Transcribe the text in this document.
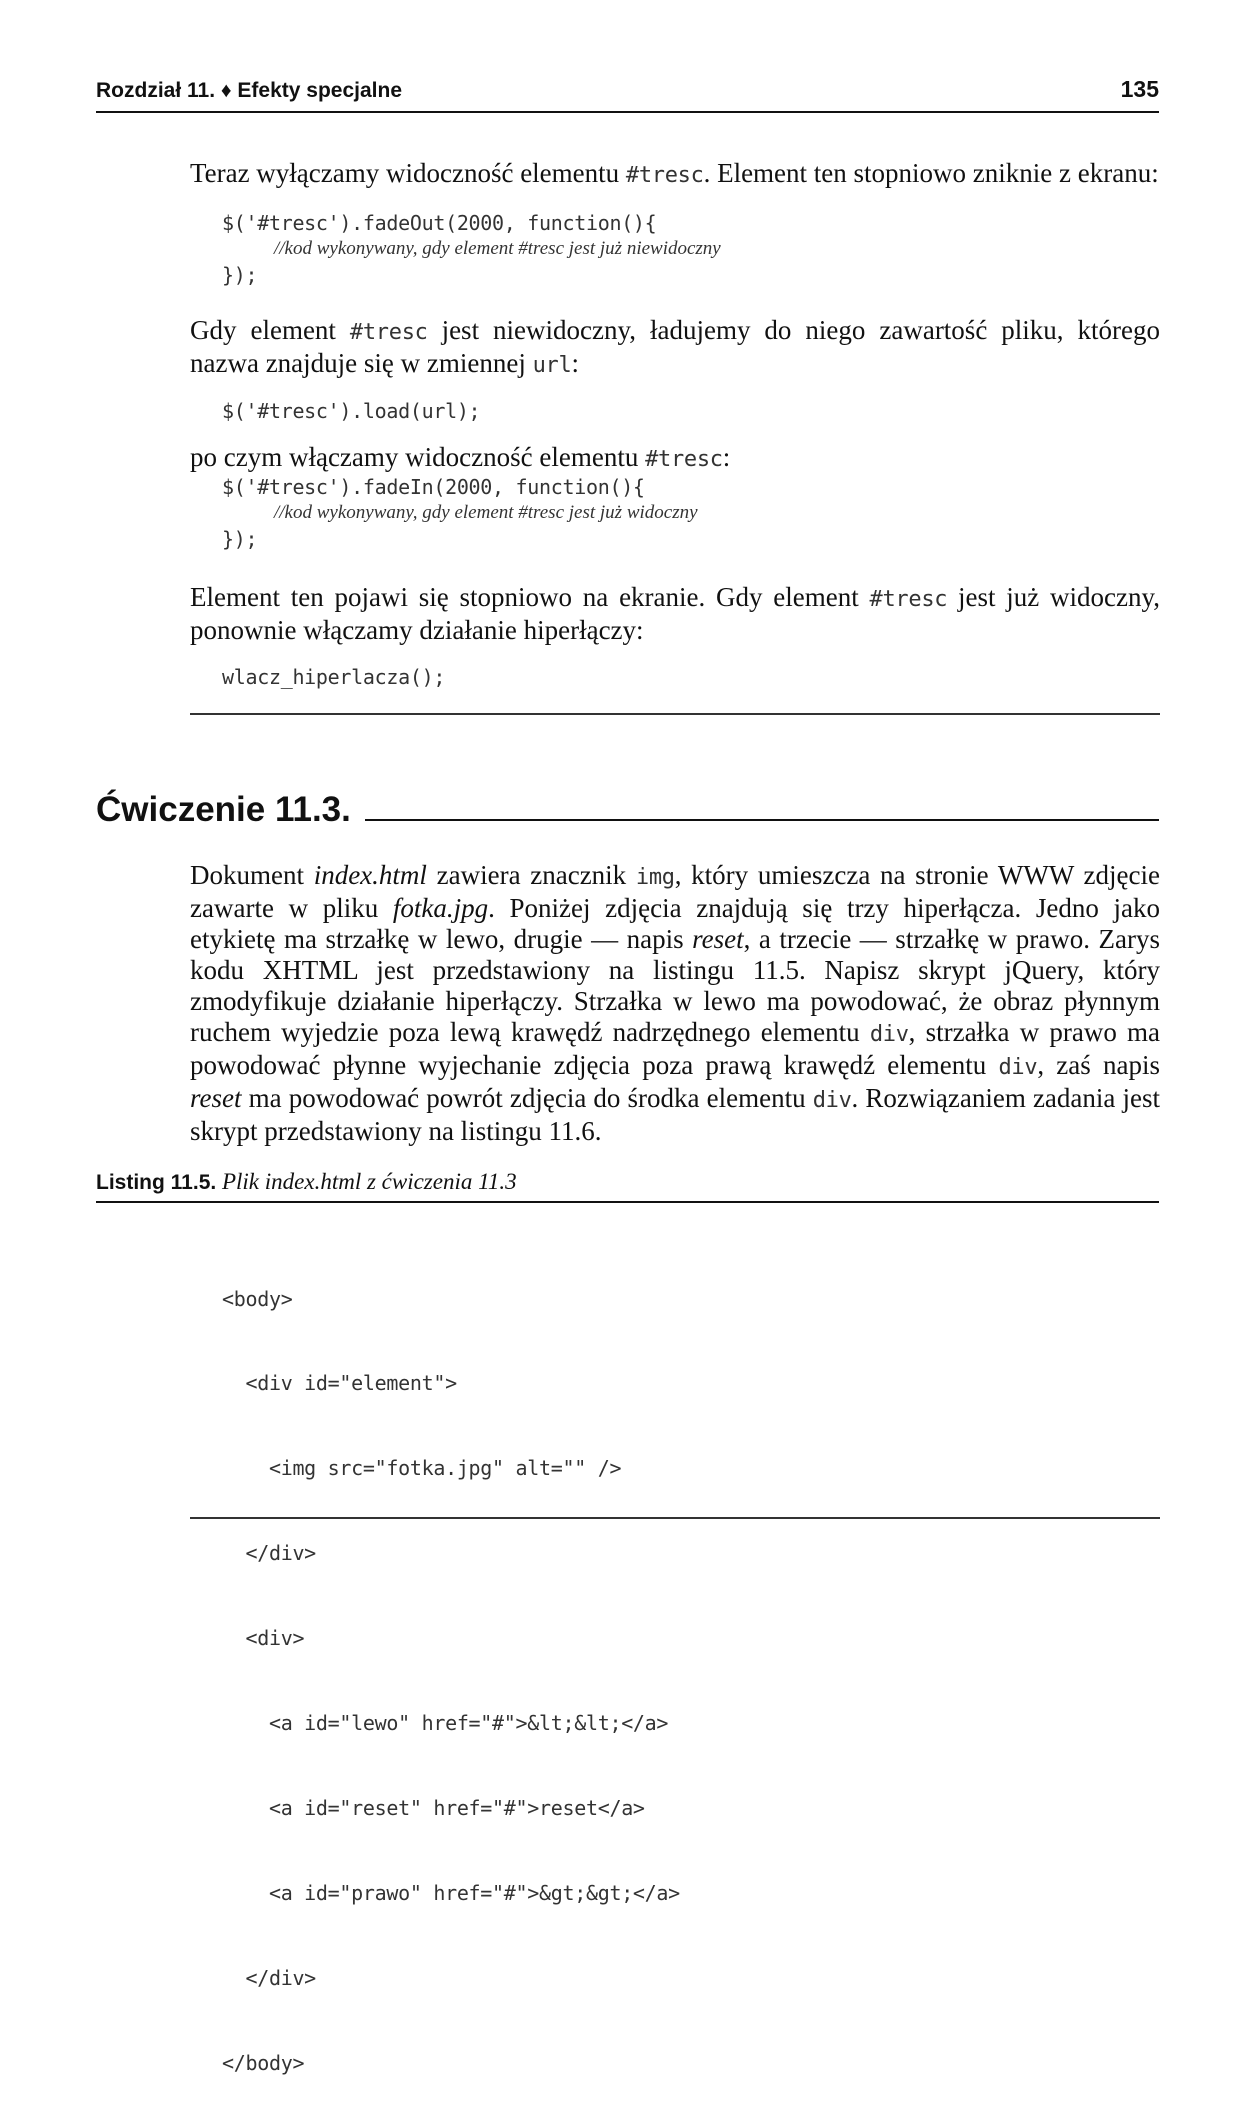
Rozdział 11. ♦ Efekty specjalne	135
Teraz wyłączamy widoczność elementu #tresc. Element ten stopniowo zniknie z ekranu:
$('#tresc').fadeOut(2000, function(){
//kod wykonywany, gdy element #tresc jest już niewidoczny
});
Gdy element #tresc jest niewidoczny, ładujemy do niego zawartość pliku, którego nazwa znajduje się w zmiennej url:
$('#tresc').load(url);
po czym włączamy widoczność elementu #tresc:
$('#tresc').fadeIn(2000, function(){
//kod wykonywany, gdy element #tresc jest już widoczny
});
Element ten pojawi się stopniowo na ekranie. Gdy element #tresc jest już widoczny, ponownie włączamy działanie hiperłączy:
wlacz_hiperlacza();
Ćwiczenie 11.3.
Dokument index.html zawiera znacznik img, który umieszcza na stronie WWW zdjęcie zawarte w pliku fotka.jpg. Poniżej zdjęcia znajdują się trzy hiperłącza. Jedno jako etykietę ma strzałkę w lewo, drugie — napis reset, a trzecie — strzałkę w prawo. Zarys kodu XHTML jest przedstawiony na listingu 11.5. Napisz skrypt jQuery, który zmodyfikuje działanie hiperłączy. Strzałka w lewo ma powodować, że obraz płynnym ruchem wyjedzie poza lewą krawędź nadrzędnego elementu div, strzałka w prawo ma powodować płynne wyjechanie zdjęcia poza prawą krawędź elementu div, zaś napis reset ma powodować powrót zdjęcia do środka elementu div. Rozwiązaniem zadania jest skrypt przedstawiony na listingu 11.6.
Listing 11.5. Plik index.html z ćwiczenia 11.3

<body>

<div id="element">

<img src="fotka.jpg" alt="" />

</div>

<div>

<a id="lewo" href="#">&lt;&lt;</a>

<a id="reset" href="#">reset</a>

<a id="prawo" href="#">&gt;&gt;</a>

</div>

</body>
